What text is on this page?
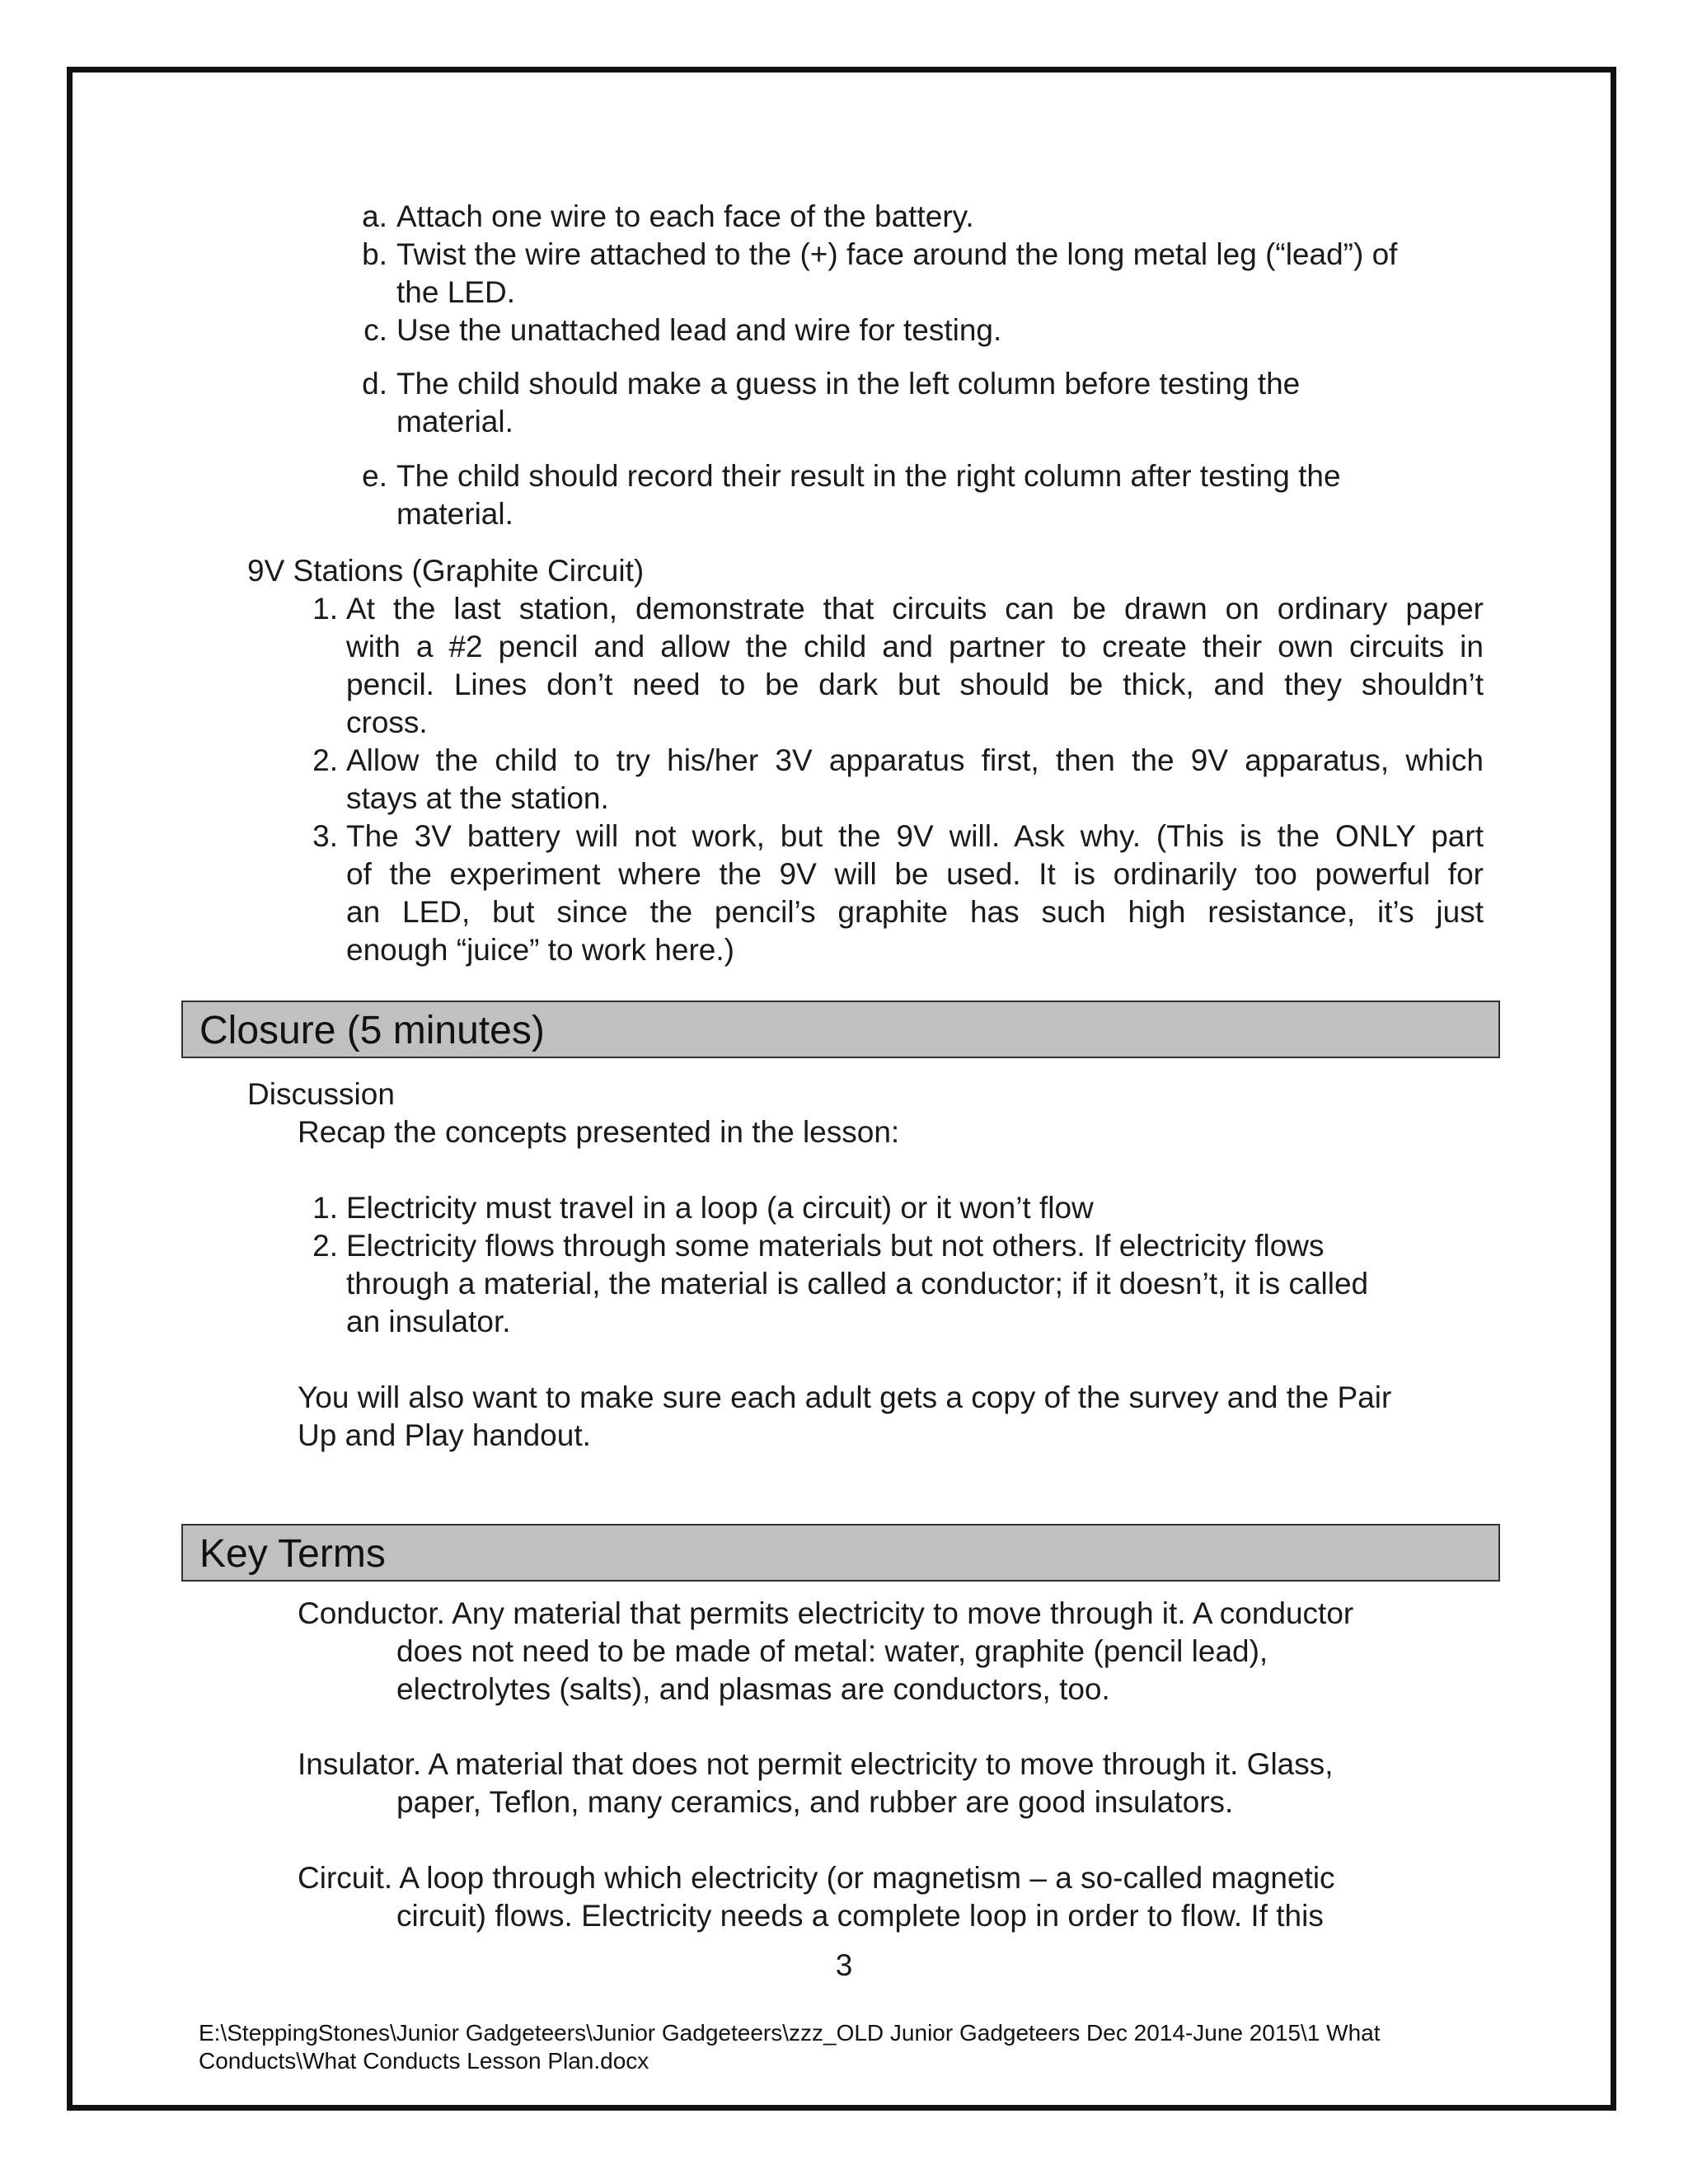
a. Attach one wire to each face of the battery.
b. Twist the wire attached to the (+) face around the long metal leg (“lead”) of
the LED.
c. Use the unattached lead and wire for testing.
d. The child should make a guess in the left column before testing the
material.
e. The child should record their result in the right column after testing the
material.
9V Stations (Graphite Circuit)
1. At the last station, demonstrate that circuits can be drawn on ordinary paper
with a #2 pencil and allow the child and partner to create their own circuits in
pencil. Lines don’t need to be dark but should be thick, and they shouldn’t
cross.
2. Allow the child to try his/her 3V apparatus first, then the 9V apparatus, which
stays at the station.
3. The 3V battery will not work, but the 9V will. Ask why. (This is the ONLY part
of the experiment where the 9V will be used. It is ordinarily too powerful for
an LED, but since the pencil’s graphite has such high resistance, it’s just
enough “juice” to work here.)
Closure (5 minutes)
Discussion
Recap the concepts presented in the lesson:
1. Electricity must travel in a loop (a circuit) or it won’t flow
2. Electricity flows through some materials but not others. If electricity flows
through a material, the material is called a conductor; if it doesn’t, it is called
an insulator.
You will also want to make sure each adult gets a copy of the survey and the Pair
Up and Play handout.
Key Terms
Conductor. Any material that permits electricity to move through it. A conductor
does not need to be made of metal: water, graphite (pencil lead),
electrolytes (salts), and plasmas are conductors, too.
Insulator. A material that does not permit electricity to move through it. Glass,
paper, Teflon, many ceramics, and rubber are good insulators.
Circuit. A loop through which electricity (or magnetism – a so-called magnetic
circuit) flows. Electricity needs a complete loop in order to flow. If this
3
E:\SteppingStones\Junior Gadgeteers\Junior Gadgeteers\zzz_OLD Junior Gadgeteers Dec 2014-June 2015\1 What
Conducts\What Conducts Lesson Plan.docx
